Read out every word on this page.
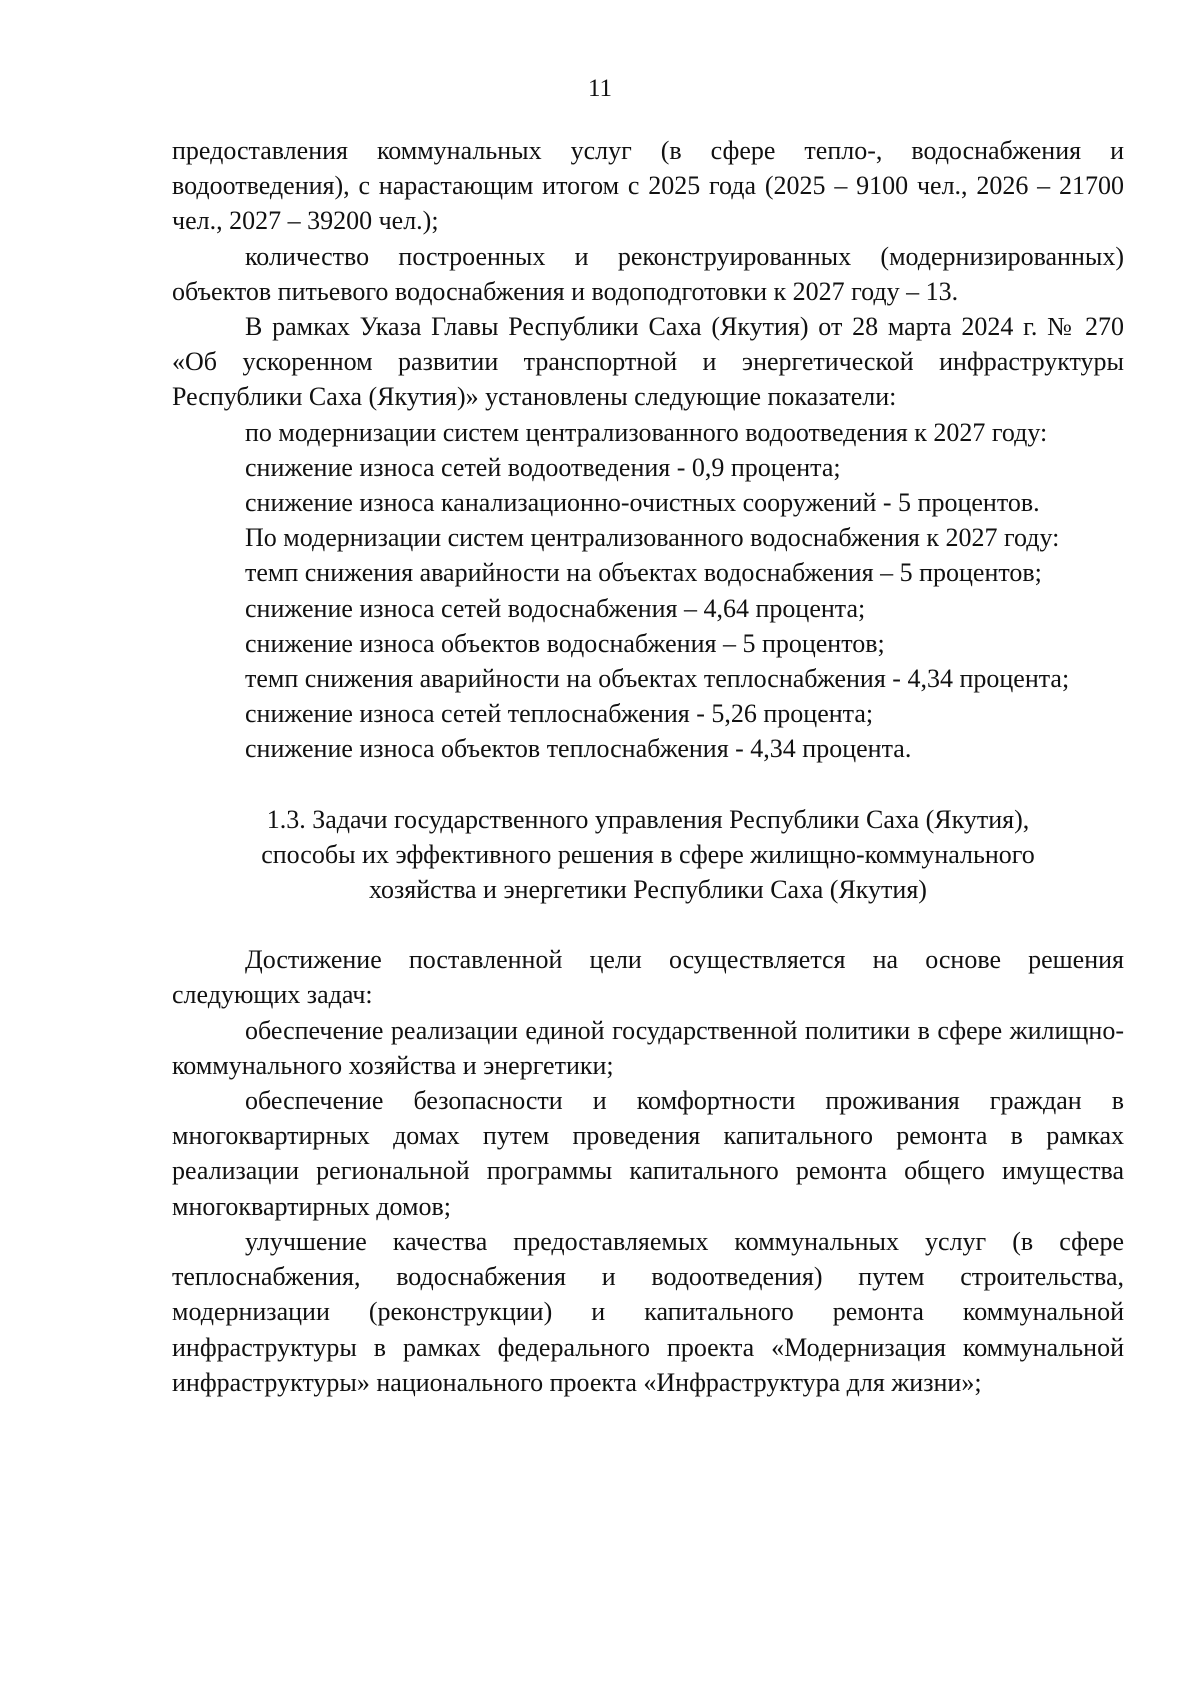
11

предоставления коммунальных услуг (в сфере тепло-, водоснабжения и водоотведения), с нарастающим итогом с 2025 года (2025 – 9100 чел., 2026 – 21700 чел., 2027 – 39200 чел.);

количество построенных и реконструированных (модернизированных) объектов питьевого водоснабжения и водоподготовки к 2027 году – 13.

В рамках Указа Главы Республики Саха (Якутия) от 28 марта 2024 г. № 270 «Об ускоренном развитии транспортной и энергетической инфраструктуры Республики Саха (Якутия)» установлены следующие показатели:

по модернизации систем централизованного водоотведения к 2027 году:

снижение износа сетей водоотведения - 0,9 процента;

снижение износа канализационно-очистных сооружений - 5 процентов.

По модернизации систем централизованного водоснабжения к 2027 году:

темп снижения аварийности на объектах водоснабжения – 5 процентов;

снижение износа сетей водоснабжения – 4,64 процента;

снижение износа объектов водоснабжения – 5 процентов;

темп снижения аварийности на объектах теплоснабжения - 4,34 процента;

снижение износа сетей теплоснабжения - 5,26 процента;

снижение износа объектов теплоснабжения - 4,34 процента.

1.3. Задачи государственного управления Республики Саха (Якутия),
способы их эффективного решения в сфере жилищно-коммунального
хозяйства и энергетики Республики Саха (Якутия)

Достижение поставленной цели осуществляется на основе решения следующих задач:

обеспечение реализации единой государственной политики в сфере жилищно-коммунального хозяйства и энергетики;

обеспечение безопасности и комфортности проживания граждан в многоквартирных домах путем проведения капитального ремонта в рамках реализации региональной программы капитального ремонта общего имущества многоквартирных домов;

улучшение качества предоставляемых коммунальных услуг (в сфере теплоснабжения, водоснабжения и водоотведения) путем строительства, модернизации (реконструкции) и капитального ремонта коммунальной инфраструктуры в рамках федерального проекта «Модернизация коммунальной инфраструктуры» национального проекта «Инфраструктура для жизни»;
